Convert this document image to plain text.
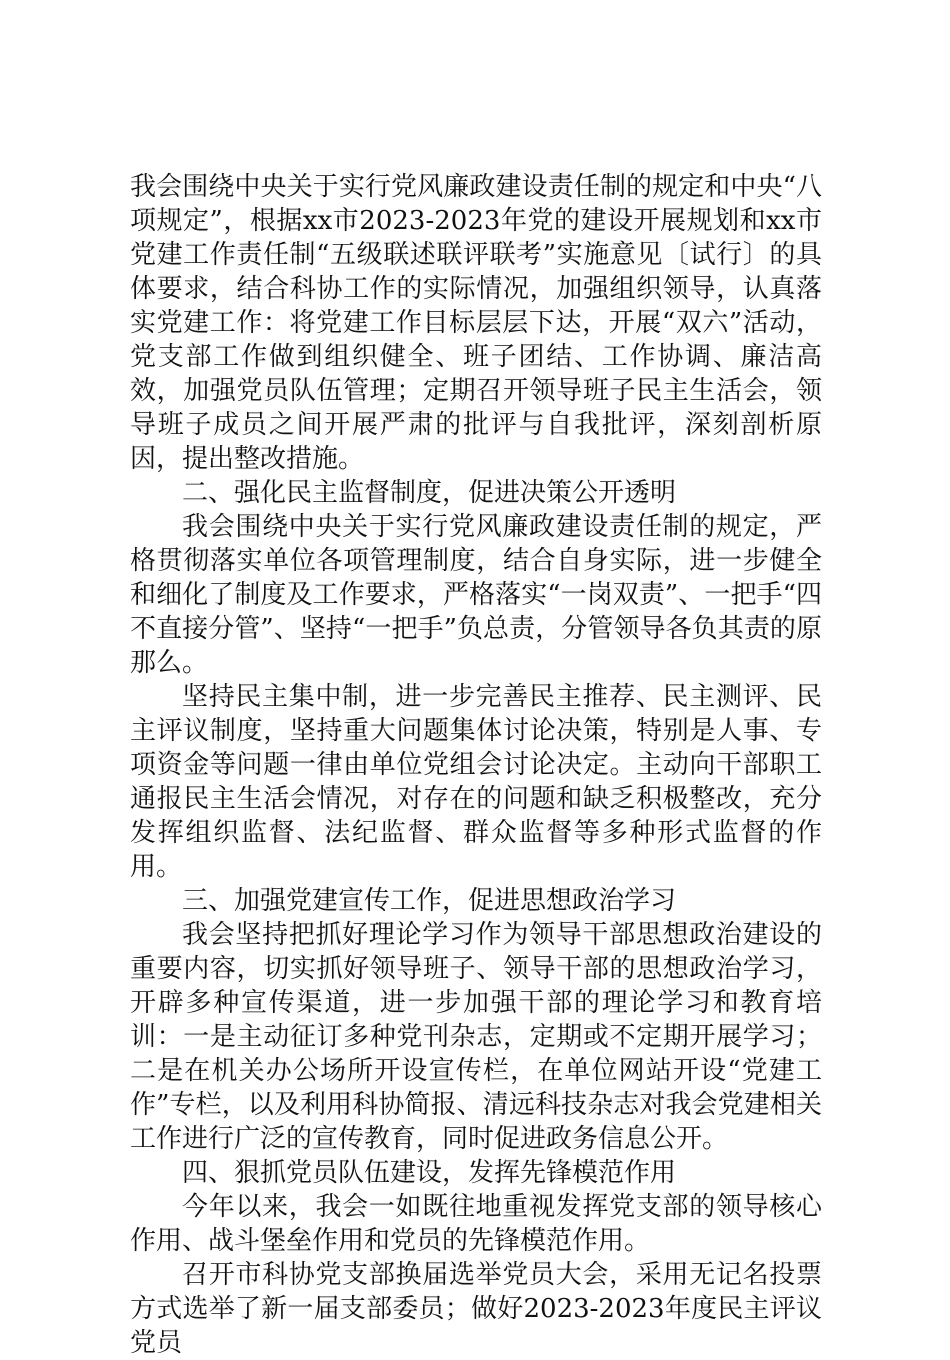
我会围绕中央关于实行党风廉政建设责任制的规定和中央“八项规定”，根据xx市2023-2023年党的建设开展规划和xx市党建工作责任制“五级联述联评联考”实施意见〔试行〕的具体要求，结合科协工作的实际情况，加强组织领导，认真落实党建工作：将党建工作目标层层下达，开展“双六”活动，党支部工作做到组织健全、班子团结、工作协调、廉洁高效，加强党员队伍管理；定期召开领导班子民主生活会，领导班子成员之间开展严肃的批评与自我批评，深刻剖析原因，提出整改措施。

二、强化民主监督制度，促进决策公开透明

我会围绕中央关于实行党风廉政建设责任制的规定，严格贯彻落实单位各项管理制度，结合自身实际，进一步健全和细化了制度及工作要求，严格落实“一岗双责”、一把手“四不直接分管”、坚持“一把手”负总责，分管领导各负其责的原那么。

坚持民主集中制，进一步完善民主推荐、民主测评、民主评议制度，坚持重大问题集体讨论决策，特别是人事、专项资金等问题一律由单位党组会讨论决定。主动向干部职工通报民主生活会情况，对存在的问题和缺乏积极整改，充分发挥组织监督、法纪监督、群众监督等多种形式监督的作用。

三、加强党建宣传工作，促进思想政治学习

我会坚持把抓好理论学习作为领导干部思想政治建设的重要内容，切实抓好领导班子、领导干部的思想政治学习，开辟多种宣传渠道，进一步加强干部的理论学习和教育培训：一是主动征订多种党刊杂志，定期或不定期开展学习；二是在机关办公场所开设宣传栏，在单位网站开设“党建工作”专栏，以及利用科协简报、清远科技杂志对我会党建相关工作进行广泛的宣传教育，同时促进政务信息公开。

四、狠抓党员队伍建设，发挥先锋模范作用

今年以来，我会一如既往地重视发挥党支部的领导核心作用、战斗堡垒作用和党员的先锋模范作用。

召开市科协党支部换届选举党员大会，采用无记名投票方式选举了新一届支部委员；做好2023-2023年度民主评议党员
